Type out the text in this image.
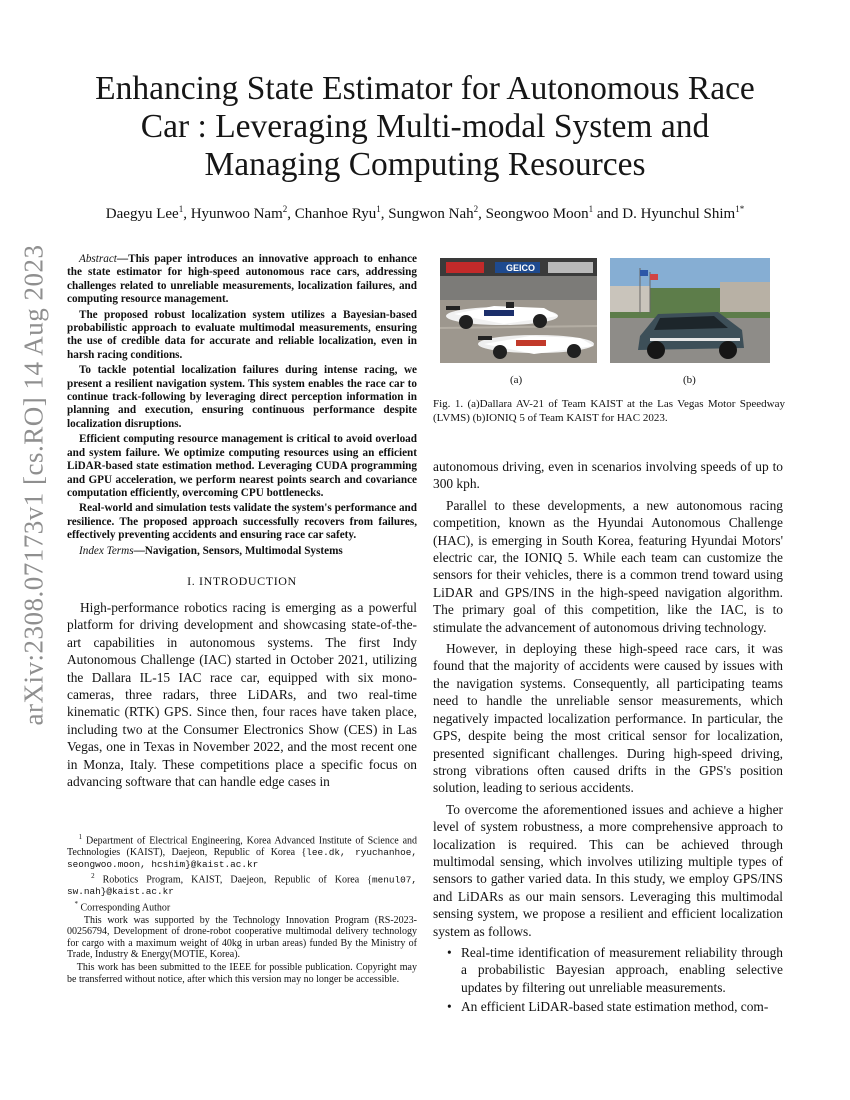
arXiv:2308.07173v1 [cs.RO] 14 Aug 2023
Enhancing State Estimator for Autonomous Race Car : Leveraging Multi-modal System and Managing Computing Resources
Daegyu Lee$^1$, Hyunwoo Nam$^2$, Chanhoe Ryu$^1$, Sungwon Nah$^2$, Seongwoo Moon$^1$ and D. Hyunchul Shim$^{1*}$

Abstract—This paper introduces an innovative approach to enhance the state estimator for high-speed autonomous race cars, addressing challenges related to unreliable measurements, localization failures, and computing resource management.

The proposed robust localization system utilizes a Bayesian-based probabilistic approach to evaluate multimodal measurements, ensuring the use of credible data for accurate and reliable localization, even in harsh racing conditions.

To tackle potential localization failures during intense racing, we present a resilient navigation system. This system enables the race car to continue track-following by leveraging direct perception information in planning and execution, ensuring continuous performance despite localization disruptions.

Efficient computing resource management is critical to avoid overload and system failure. We optimize computing resources using an efficient LiDAR-based state estimation method. Leveraging CUDA programming and GPU acceleration, we perform nearest points search and covariance computation efficiently, overcoming CPU bottlenecks.

Real-world and simulation tests validate the system's performance and resilience. The proposed approach successfully recovers from failures, effectively preventing accidents and ensuring race car safety.

Index Terms—Navigation, Sensors, Multimodal Systems

I. INTRODUCTION

High-performance robotics racing is emerging as a powerful platform for driving development and showcasing state-of-the-art capabilities in autonomous systems. The first Indy Autonomous Challenge (IAC) started in October 2021, utilizing the Dallara IL-15 IAC race car, equipped with six mono-cameras, three radars, three LiDARs, and two real-time kinematic (RTK) GPS. Since then, four races have taken place, including two at the Consumer Electronics Show (CES) in Las Vegas, one in Texas in November 2022, and the most recent one in Monza, Italy. These competitions place a specific focus on advancing software that can handle edge cases in

$^1$ Department of Electrical Engineering, Korea Advanced Institute of Science and Technologies (KAIST), Daejeon, Republic of Korea {lee.dk, ryuchanhoe, seongwoo.moon, hcshim}@kaist.ac.kr

$^2$ Robotics Program, KAIST, Daejeon, Republic of Korea {menul07, sw.nah}@kaist.ac.kr

* Corresponding Author

This work was supported by the Technology Innovation Program (RS-2023-00256794, Development of drone-robot cooperative multimodal delivery technology for cargo with a maximum weight of 40kg in urban areas) funded By the Ministry of Trade, Industry & Energy(MOTIE, Korea).

This work has been submitted to the IEEE for possible publication. Copyright may be transferred without notice, after which this version may no longer be accessible.

GEICO
(a)	(b)
Fig. 1. (a)Dallara AV-21 of Team KAIST at the Las Vegas Motor Speedway (LVMS) (b)IONIQ 5 of Team KAIST for HAC 2023.

autonomous driving, even in scenarios involving speeds of up to 300 kph.

Parallel to these developments, a new autonomous racing competition, known as the Hyundai Autonomous Challenge (HAC), is emerging in South Korea, featuring Hyundai Motors' electric car, the IONIQ 5. While each team can customize the sensors for their vehicles, there is a common trend toward using LiDAR and GPS/INS in the high-speed navigation algorithm. The primary goal of this competition, like the IAC, is to stimulate the advancement of autonomous driving technology.

However, in deploying these high-speed race cars, it was found that the majority of accidents were caused by issues with the navigation systems. Consequently, all participating teams need to handle the unreliable sensor measurements, which negatively impacted localization performance. In particular, the GPS, despite being the most critical sensor for localization, presented significant challenges. During high-speed driving, strong vibrations often caused drifts in the GPS's position solution, leading to serious accidents.

To overcome the aforementioned issues and achieve a higher level of system robustness, a more comprehensive approach to localization is required. This can be achieved through multimodal sensing, which involves utilizing multiple types of sensors to gather varied data. In this study, we employ GPS/INS and LiDARs as our main sensors. Leveraging this multimodal sensing system, we propose a resilient and efficient localization system as follows.

• Real-time identification of measurement reliability through a probabilistic Bayesian approach, enabling selective updates by filtering out unreliable measurements.
• An efficient LiDAR-based state estimation method, com-
